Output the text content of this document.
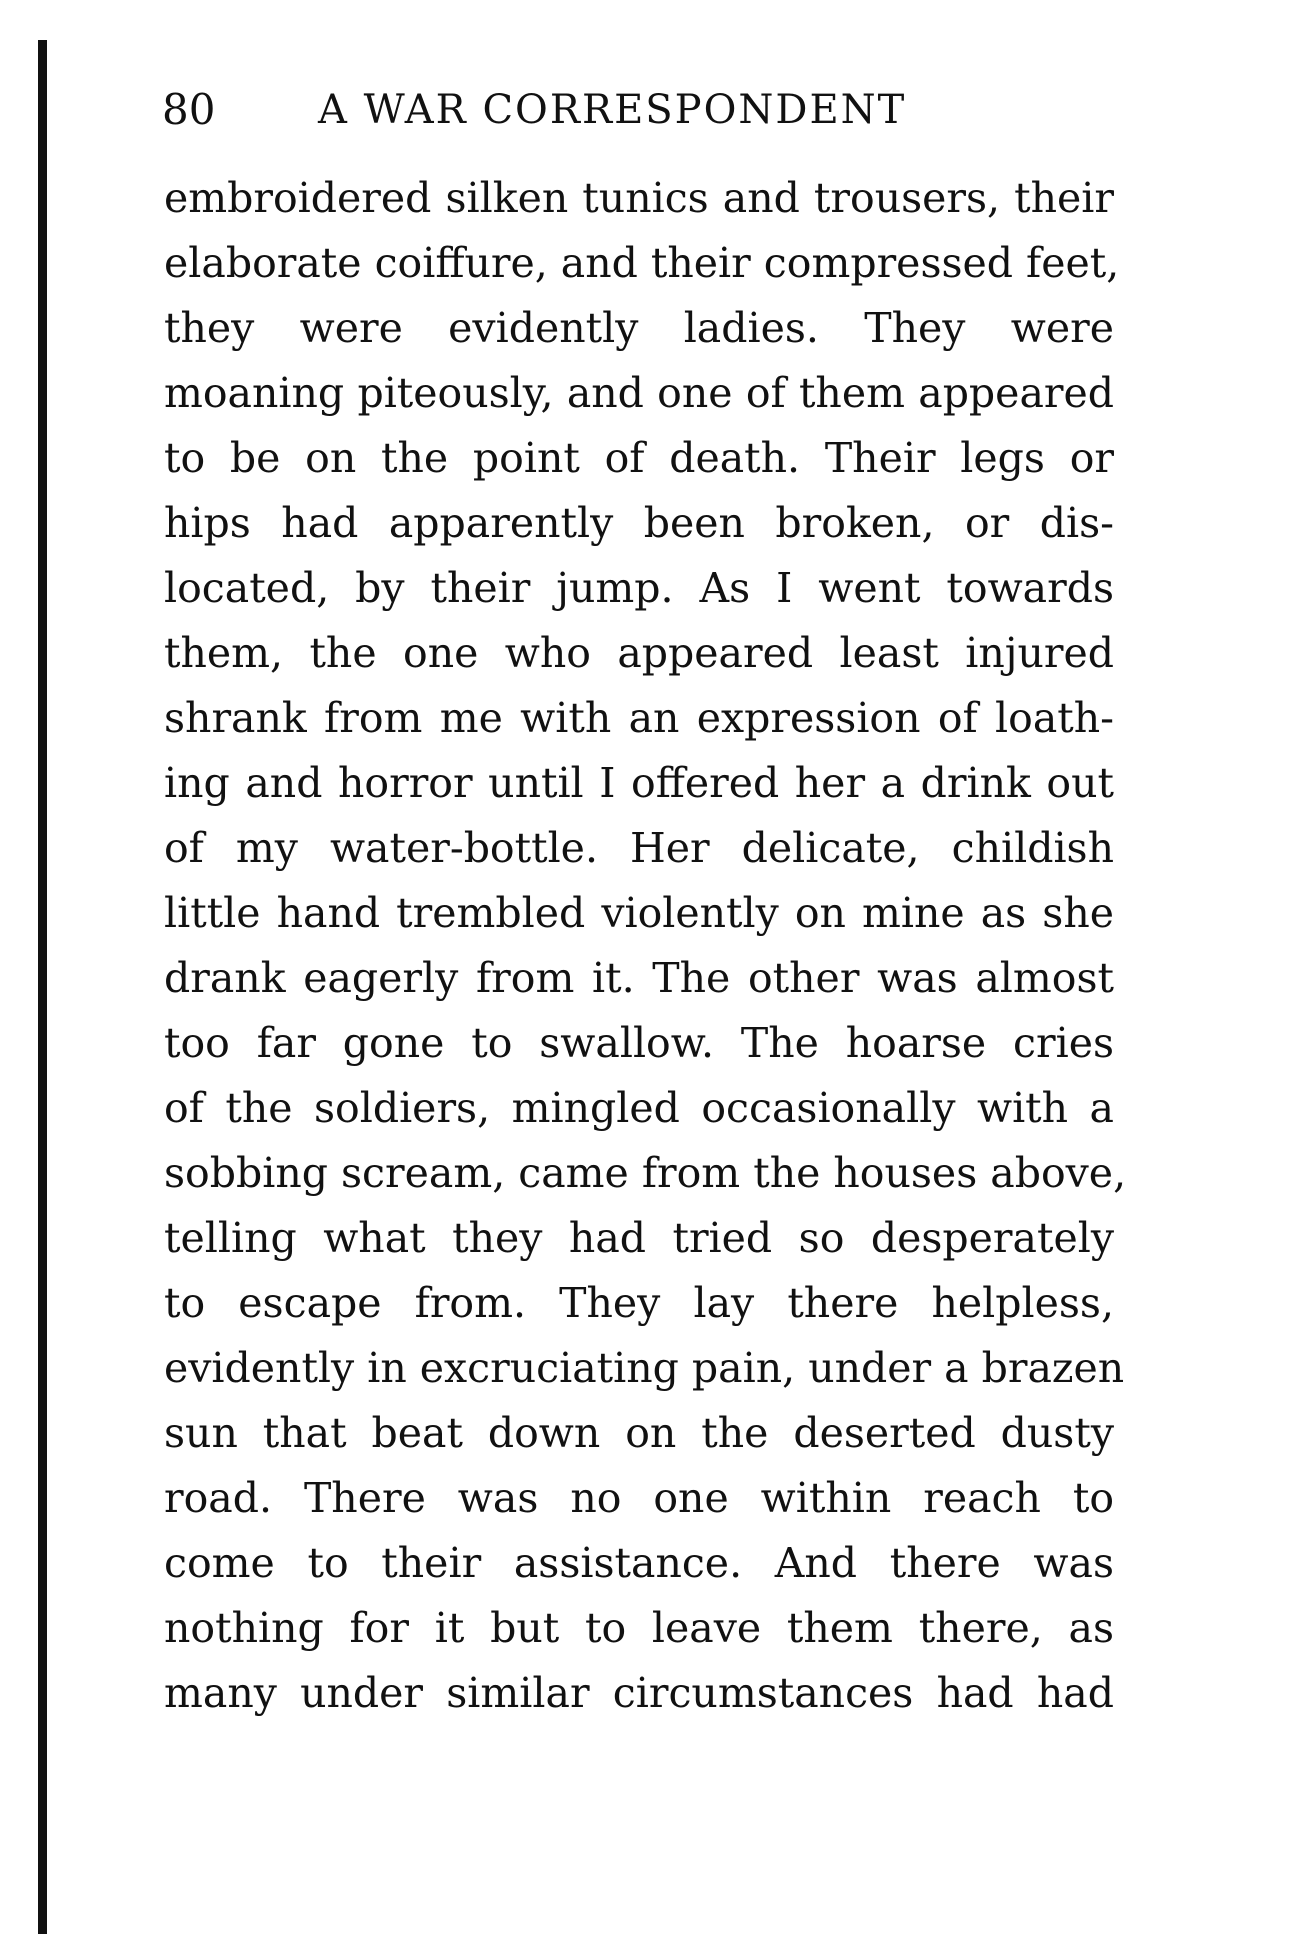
80	A WAR CORRESPONDENT
embroidered silken tunics and trousers, their
elaborate coiffure, and their compressed feet,
they were evidently ladies. They were
moaning piteously, and one of them appeared
to be on the point of death. Their legs or
hips had apparently been broken, or dis-
located, by their jump. As I went towards
them, the one who appeared least injured
shrank from me with an expression of loath-
ing and horror until I offered her a drink out
of my water-bottle. Her delicate, childish
little hand trembled violently on mine as she
drank eagerly from it. The other was almost
too far gone to swallow. The hoarse cries
of the soldiers, mingled occasionally with a
sobbing scream, came from the houses above,
telling what they had tried so desperately
to escape from. They lay there helpless,
evidently in excruciating pain, under a brazen
sun that beat down on the deserted dusty
road. There was no one within reach to
come to their assistance. And there was
nothing for it but to leave them there, as
many under similar circumstances had had
